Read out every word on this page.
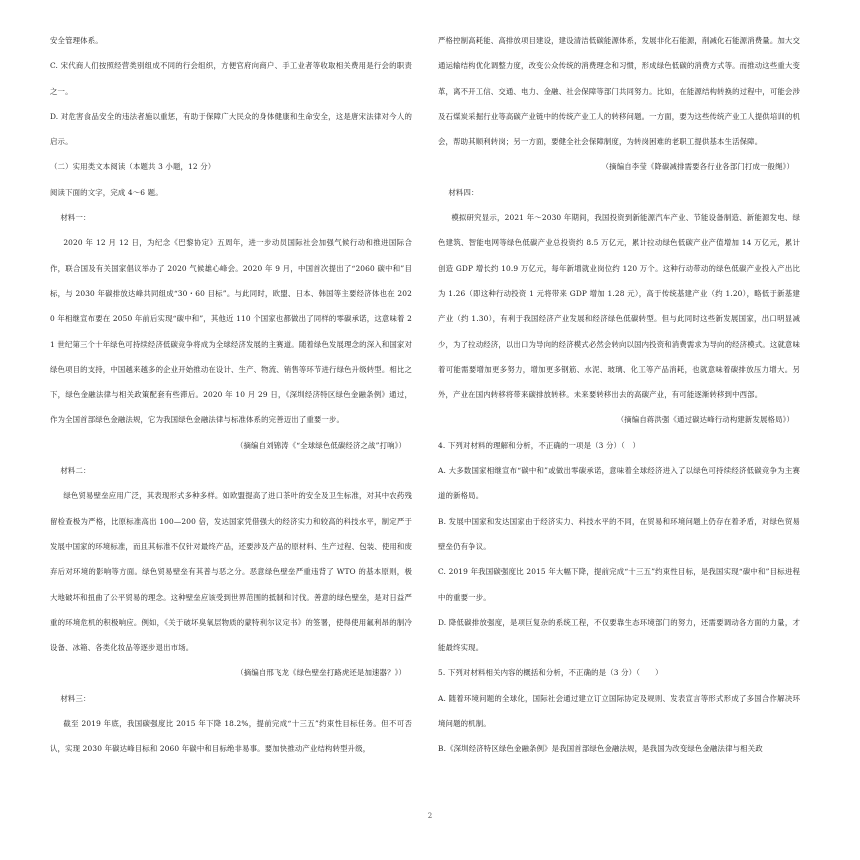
安全管理体系。

C. 宋代商人们按照经营类别组成不同的行会组织，方便官府向商户、手工业者等收取相关费用是行会的职责之一。

D. 对危害食品安全的违法者施以重惩，有助于保障广大民众的身体健康和生命安全，这是唐宋法律对今人的启示。

（二）实用类文本阅读（本题共 3 小题，12 分）

阅读下面的文字，完成 4～6 题。

材料一：

2020 年 12 月 12 日，为纪念《巴黎协定》五周年，进一步动员国际社会加强气候行动和推进国际合作，联合国及有关国家倡议举办了 2020 气候雄心峰会。2020 年 9 月，中国首次提出了“2060 碳中和”目标，与 2030 年碳排放达峰共同组成“30・60 目标”。与此同时，欧盟、日本、韩国等主要经济体也在 2020 年相继宣布要在 2050 年前后实现“碳中和”，其他近 110 个国家也都做出了同样的零碳承诺，这意味着 21 世纪第三个十年绿色可持续经济低碳竞争将成为全球经济发展的主赛道。随着绿色发展理念的深入和国家对绿色项目的支持，中国越来越多的企业开始推动在设计、生产、物流、销售等环节进行绿色升级转型。相比之下，绿色金融法律与相关政策配套有些滞后。2020 年 10 月 29 日，《深圳经济特区绿色金融条例》通过，作为全国首部绿色金融法规，它为我国绿色金融法律与标准体系的完善迈出了重要一步。

（摘编自刘锦涛《“全球绿色低碳经济之战”打响》）

材料二：

绿色贸易壁垒应用广泛，其表现形式多种多样。如欧盟提高了进口茶叶的安全及卫生标准，对其中农药残留检查极为严格，比原标准高出 100—200 倍，发达国家凭借强大的经济实力和较高的科技水平，制定严于发展中国家的环境标准，而且其标准不仅针对最终产品，还要涉及产品的原材料、生产过程、包装、使用和废弃后对环境的影响等方面。绿色贸易壁垒有其普与恶之分。恶意绿色壁垒严重违背了 WTO 的基本原则，极大地破坏和扭曲了公平贸易的理念。这种壁垒应该受到世界范围的抵制和讨伐。善意的绿色壁垒，是对日益严重的环境危机的积极响应。例如，《关于破坏臭氧层物质的蒙特利尔议定书》的签署，使得使用氟利昂的制冷设备、冰箱、各类化妆品等逐步退出市场。

（摘编自邢飞龙《绿色壁垒打路虎还是加速器？》）

材料三：

截至 2019 年底，我国碳强度比 2015 年下降 18.2%，提前完成“十三五”约束性目标任务。但不可否认，实现 2030 年碳达峰目标和 2060 年碳中和目标绝非易事。要加快推动产业结构转型升级，

严格控制高耗能、高排放项目建设，建设清洁低碳能源体系，发展非化石能源，削减化石能源消费量。加大交通运输结构优化调整力度，改变公众传统的消费理念和习惯，形成绿色低碳的消费方式等。而推动这些重大变革，离不开工信、交通、电力、金融、社会保障等部门共同努力。比如，在能源结构转换的过程中，可能会涉及石煤炭采掘行业等高碳产业链中的传统产业工人的转移问题。一方面，要为这些传统产业工人提供培训的机会，帮助其顺利转岗；另一方面，要健全社会保障制度，为转岗困难的老职工提供基本生活保障。

（摘编自李莹《降碳减排需要各行业各部门打成一般绳》）

材料四：

模拟研究显示，2021 年～2030 年期间，我国投资到新能源汽车产业、节能设备制造、新能源发电、绿色建筑、智能电网等绿色低碳产业总投资约 8.5 万亿元，累计拉动绿色低碳产业产值增加 14 万亿元，累计创造 GDP 增长约 10.9 万亿元，每年新增就业岗位约 120 万个。这种行动带动的绿色低碳产业投入产出比为 1.26（即这种行动投资 1 元将带来 GDP 增加 1.28 元），高于传统基建产业（约 1.20），略低于新基建产业（约 1.30），有利于我国经济产业发展和经济绿色低碳转型。但与此同时这些新发展国家，出口明显减少，为了拉动经济，以出口为导向的经济模式必然会转向以国内投资和消费需求为导向的经济模式。这就意味着可能需要增加更多努力，增加更多钢筋、水泥、玻璃、化工等产品消耗，也就意味着碳排放压力增大。另外，产业在国内转移将带来碳排放转移。未来要转移出去的高碳产业，有可能逐渐转移到中西部。

（摘编自蒋洪强《通过碳达峰行动构建新发展格局》）

4. 下列对材料的理解和分析，不正确的一项是（3 分）（　）

A. 大多数国家相继宣布“碳中和”或做出零碳承诺，意味着全球经济进入了以绿色可持续经济低碳竞争为主赛道的新格局。

B. 发展中国家和发达国家由于经济实力、科技水平的不同，在贸易和环境问题上仍存在着矛盾，对绿色贸易壁垒仍有争议。

C. 2019 年我国碳强度比 2015 年大幅下降，提前完成“十三五”约束性目标，是我国实现“碳中和”目标进程中的重要一步。

D. 降低碳排放强度，是项巨复杂的系统工程，不仅要靠生态环境部门的努力，还需要调动各方面的力量，才能最终实现。

5. 下列对材料相关内容的概括和分析，不正确的是（3 分）（　　）

A. 随着环境问题的全球化，国际社会通过建立订立国际协定及规则、发表宣言等形式形成了多国合作解决环境问题的机制。

B.《深圳经济特区绿色金融条例》是我国首部绿色金融法规，是我国为改变绿色金融法律与相关政

2
